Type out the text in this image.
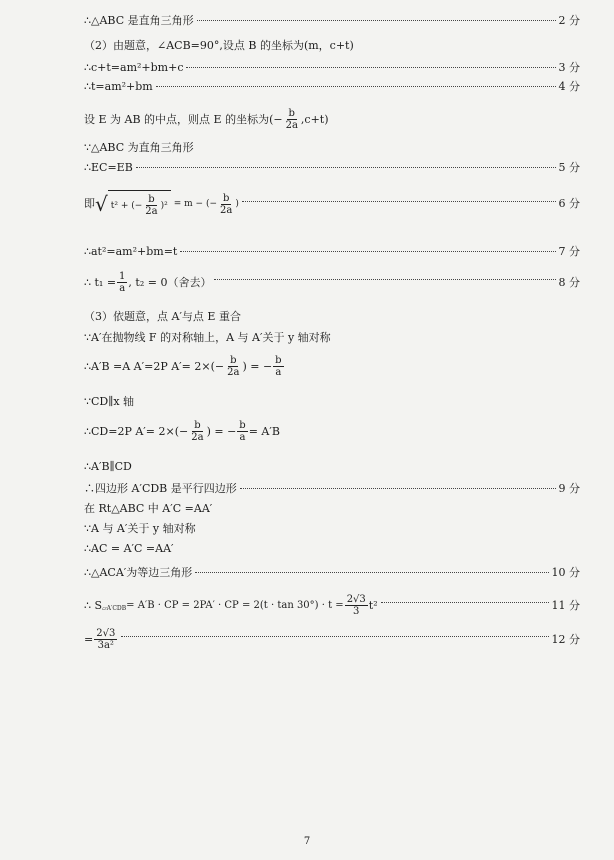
∴△ABC 是直角三角形	2 分
（2）由题意，∠ACB=90°,设点 B 的坐标为(m，c+t)
∴c+t=am²+bm+c	3 分
∴t=am²+bm	4 分
设 E 为 AB 的中点，则点 E 的坐标为 (− $\frac{b}{2a} ,c+t$)
∵△ABC 为直角三角形
∴EC=EB	5 分
即 √ t² + (− $\frac{b}{2a} )^2 = m$ − (− $\frac{b}{2a}$ )	6 分
∴at²=am²+bm=t	7 分
∴ $t_1 = \frac{1}{a}$ , t₂ = 0（舍去）	8 分
（3）依题意，点 A′与点 E 重合
∵A′在抛物线 F 的对称轴上，A 与 A′关于 y 轴对称
∴A′B =A A′=2P $A'= 2\times(- \frac{b}{2a}$ ) = − $\frac{b}{a}$
∵CD∥x 轴
∴CD=2P $A'= 2\times(- \frac{b}{2a}$ ) = − $\frac{b}{a} = A'B$
∴A′B∥CD
∴四边形 A′CDB 是平行四边形	9 分
在 Rt△ABC 中 A′C =AA′
∵A 与 A′关于 y 轴对称
∴AC = A′C =AA′
∴△ACA′为等边三角形	10 分
∴ S ▱A′CDB = A′B · CP = 2PA′ · CP = $2(t \cdot \tan 30^\circ) \cdot t = \frac{2√3}{3} t^2$	11 分
= $\frac{2√3}{\text{3a²}}$	12 分
7
